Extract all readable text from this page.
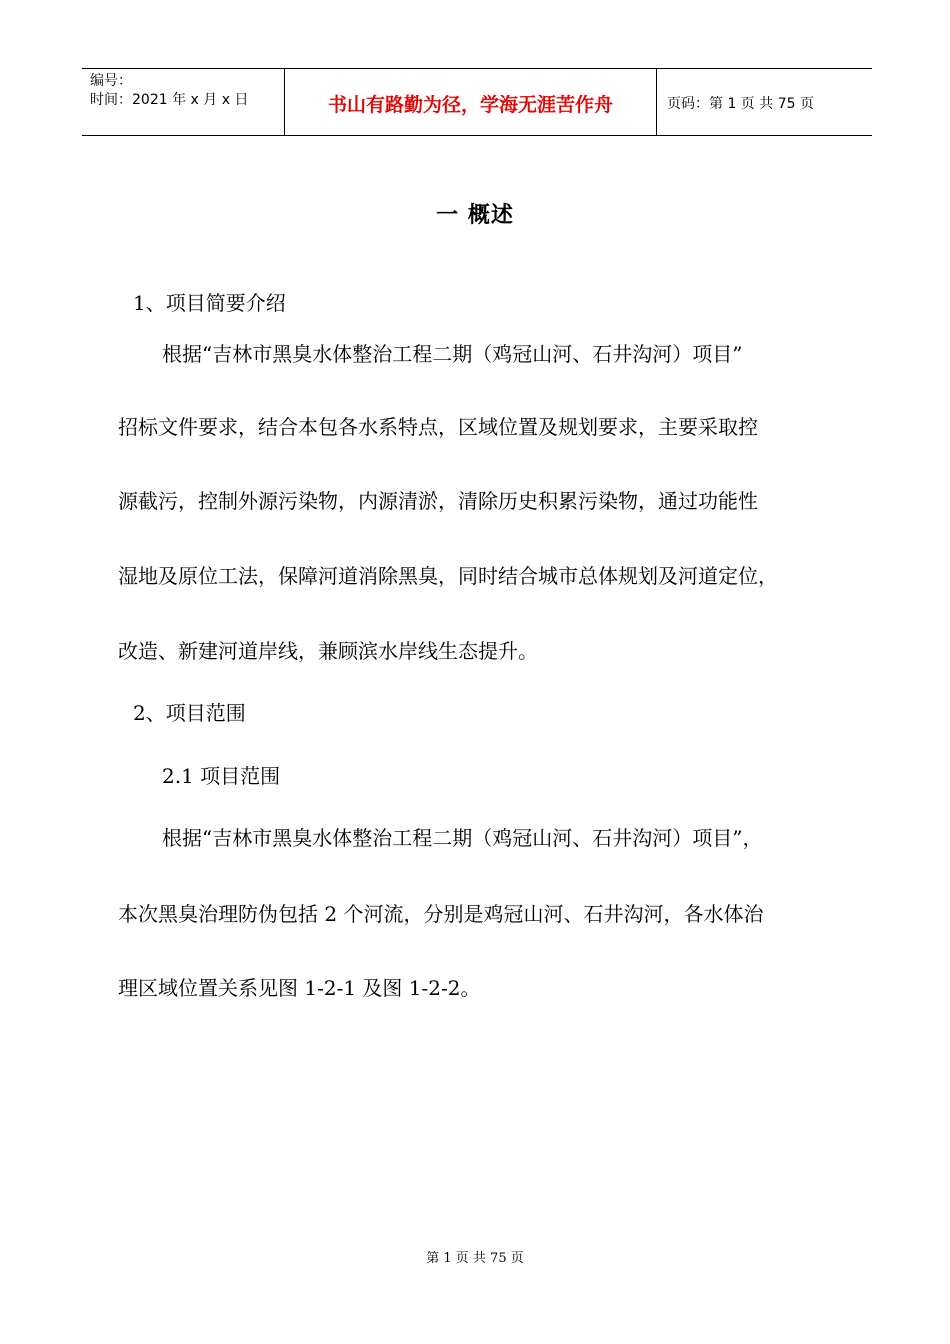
编号：
时间：2021 年 x 月 x 日	书山有路勤为径，学海无涯苦作舟	页码：第 1 页 共 75 页
一 概述
1、项目简要介绍
根据“吉林市黑臭水体整治工程二期（鸡冠山河、石井沟河）项目”
招标文件要求，结合本包各水系特点，区域位置及规划要求，主要采取控
源截污，控制外源污染物，内源清淤，清除历史积累污染物，通过功能性
湿地及原位工法，保障河道消除黑臭，同时结合城市总体规划及河道定位，
改造、新建河道岸线，兼顾滨水岸线生态提升。
2、项目范围
2.1 项目范围
根据“吉林市黑臭水体整治工程二期（鸡冠山河、石井沟河）项目”，
本次黑臭治理防伪包括 2 个河流，分别是鸡冠山河、石井沟河，各水体治
理区域位置关系见图 1-2-1 及图 1-2-2。
第 1 页 共 75 页
